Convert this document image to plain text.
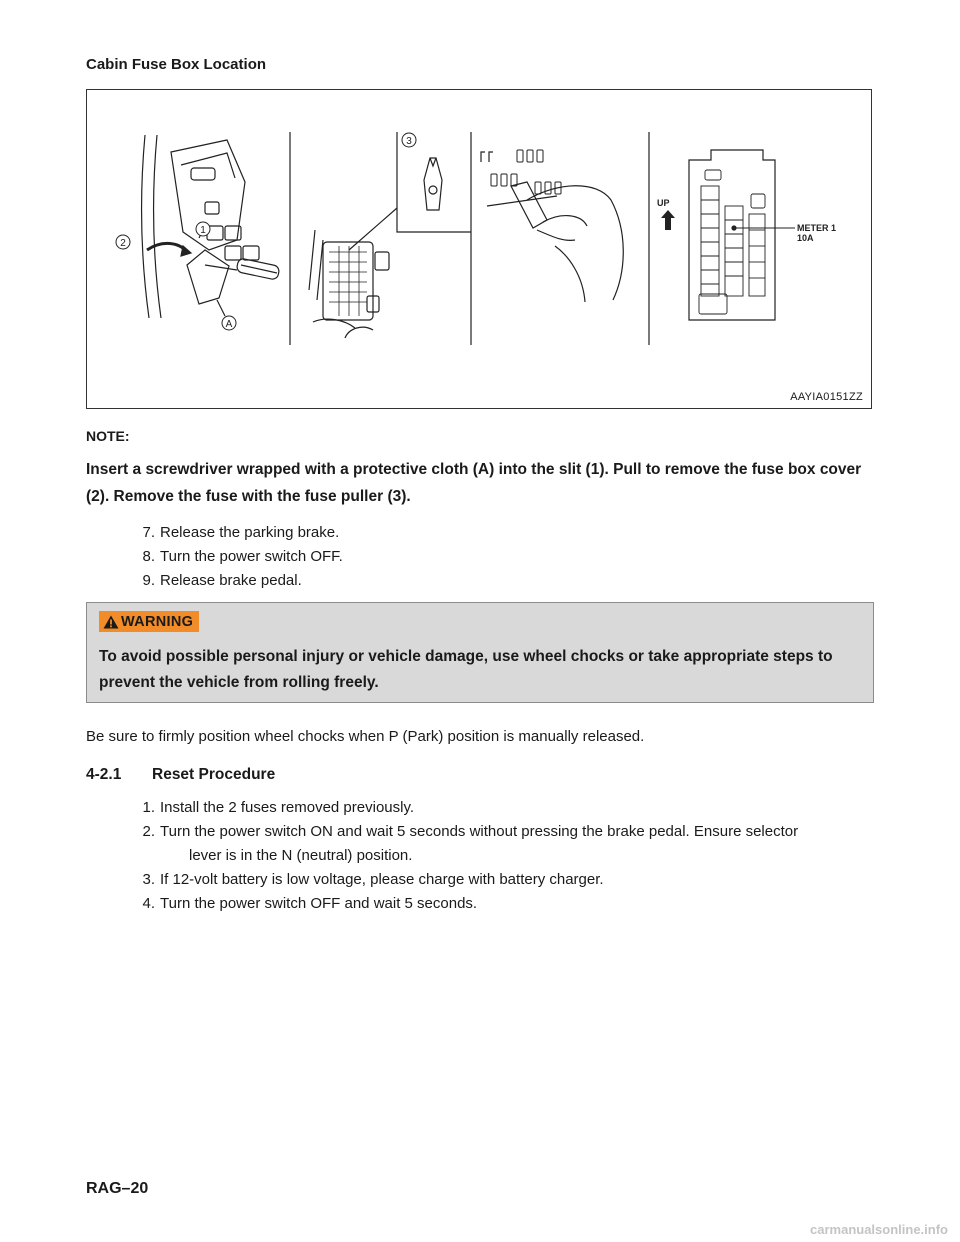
Cabin Fuse Box Location
1
2
3
A
UP
METER 1
10A
AAYIA0151ZZ
NOTE:
Insert a screwdriver wrapped with a protective cloth (A) into the slit (1). Pull to remove the fuse box cover (2). Remove the fuse with the fuse puller (3).
7. Release the parking brake.
8. Turn the power switch OFF.
9. Release brake pedal.
WARNING
To avoid possible personal injury or vehicle damage, use wheel chocks or take appropriate steps to prevent the vehicle from rolling freely.
Be sure to firmly position wheel chocks when P (Park) position is manually released.
4-2.1 Reset Procedure
1. Install the 2 fuses removed previously.
2. Turn the power switch ON and wait 5 seconds without pressing the brake pedal. Ensure selector
lever is in the N (neutral) position.
3. If 12-volt battery is low voltage, please charge with battery charger.
4. Turn the power switch OFF and wait 5 seconds.
RAG–20
carmanualsonline.info
